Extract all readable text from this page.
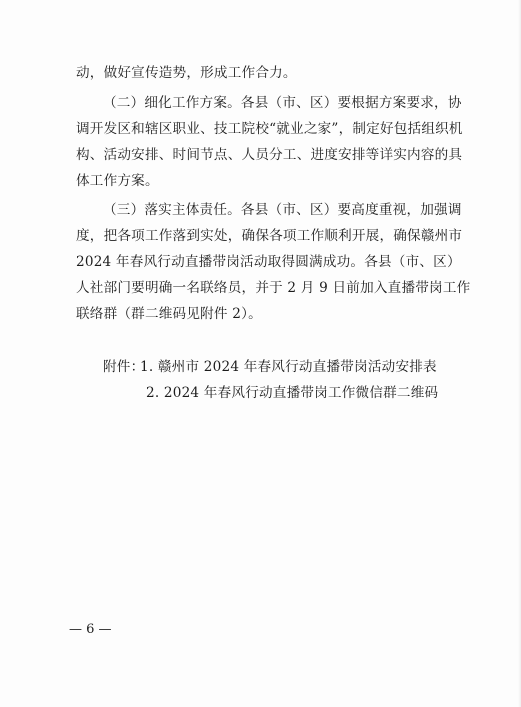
动，做好宣传造势，形成工作合力。
（二）细化工作方案。各县（市、区）要根据方案要求，协
调开发区和辖区职业、技工院校“就业之家”，制定好包括组织机
构、活动安排、时间节点、人员分工、进度安排等详实内容的具
体工作方案。
（三）落实主体责任。各县（市、区）要高度重视，加强调
度，把各项工作落到实处，确保各项工作顺利开展，确保赣州市
2024 年春风行动直播带岗活动取得圆满成功。各县（市、区）
人社部门要明确一名联络员，并于 2 月 9 日前加入直播带岗工作
联络群（群二维码见附件 2）。
附件：
1. 赣州市 2024 年春风行动直播带岗活动安排表
2. 2024 年春风行动直播带岗工作微信群二维码
— 6 —
